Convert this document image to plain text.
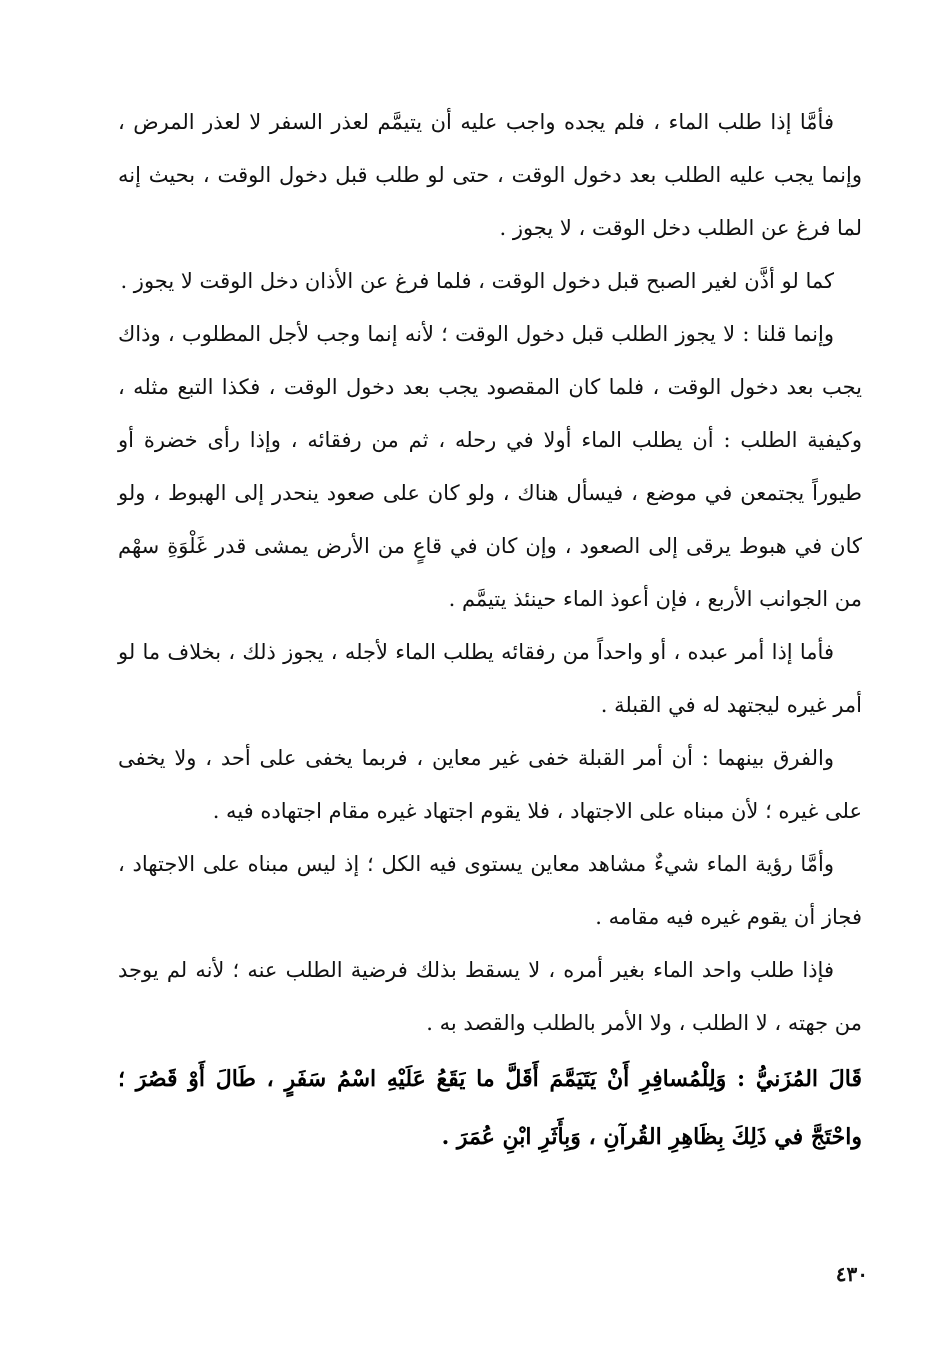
فأمَّا إذا طلب الماء ، فلم يجده واجب عليه أن يتيمَّم لعذر السفر لا لعذر المرض ، وإنما يجب عليه الطلب بعد دخول الوقت ، حتى لو طلب قبل دخول الوقت ، بحيث إنه لما فرغ عن الطلب دخل الوقت ، لا يجوز .

كما لو أذَّن لغير الصبح قبل دخول الوقت ، فلما فرغ عن الأذان دخل الوقت لا يجوز .

وإنما قلنا : لا يجوز الطلب قبل دخول الوقت ؛ لأنه إنما وجب لأجل المطلوب ، وذاك يجب بعد دخول الوقت ، فلما كان المقصود يجب بعد دخول الوقت ، فكذا التبع مثله ، وكيفية الطلب : أن يطلب الماء أولا في رحله ، ثم من رفقائه ، وإذا رأى خضرة أو طيوراً يجتمعن في موضع ، فيسأل هناك ، ولو كان على صعود ينحدر إلى الهبوط ، ولو كان في هبوط يرقى إلى الصعود ، وإن كان في قاعٍ من الأرض يمشى قدر غَلْوَةِ سهْم من الجوانب الأربع ، فإن أعوذ الماء حينئذ يتيمَّم .

فأما إذا أمر عبده ، أو واحداً من رفقائه يطلب الماء لأجله ، يجوز ذلك ، بخلاف ما لو أمر غيره ليجتهد له في القبلة .

والفرق بينهما : أن أمر القبلة خفى غير معاين ، فربما يخفى على أحد ، ولا يخفى على غيره ؛ لأن مبناه على الاجتهاد ، فلا يقوم اجتهاد غيره مقام اجتهاده فيه .

وأمَّا رؤية الماء شيءٌ مشاهد معاين يستوى فيه الكل ؛ إذ ليس مبناه على الاجتهاد ، فجاز أن يقوم غيره فيه مقامه .

فإذا طلب واحد الماء بغير أمره ، لا يسقط بذلك فرضية الطلب عنه ؛ لأنه لم يوجد من جهته ، لا الطلب ، ولا الأمر بالطلب والقصد به .

قَالَ المُزَنيُّ : وَلِلْمُسافِرِ أَنْ يَتَيَمَّمَ أَقَلَّ ما يَقَعُ عَلَيْهِ اسْمُ سَفَرٍ ، طَالَ أَوْ قَصُرَ ؛ واحْتَجَّ في ذَلِكَ بِظَاهِرِ القُرآنِ ، وَبِأَثَرِ ابْنِ عُمَرَ .

٤٣٠
